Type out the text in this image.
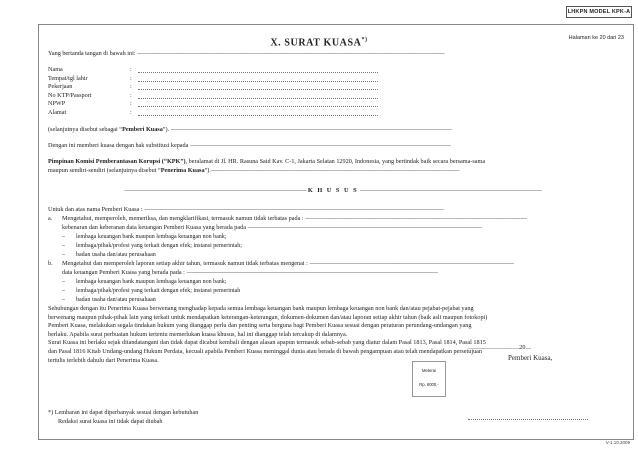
LHKPN MODEL KPK-A
X. SURAT KUASA*)	Halaman ke 20 dari 23
Yang bertanda tangan di bawah ini: -----------------------------------------------------------------------------------------------------------------------------------------------------------------------------------------------------
Nama	:
Tempat/tgl lahir	:
Pekerjaan	:
No KTP/Passport	:
NPWP	:
Alamat	:
(selanjutnya disebut sebagai “Pemberi Kuasa”). ------------------------------------------------------------------------------------------------------------------------------------------------------------------------------------
Dengan ini memberi kuasa dengan hak substitusi kepada -----------------------------------------------------------------------------------------------------------------------------------------------------------------------
Pimpinan Komisi Pemberantasan Korupsi (“KPK”), beralamat di Jl. HR. Rasuna Said Kav. C-1, Jakarta Selatan 12920, Indonesia, yang bertindak baik secara bersama-sama
maupun sendiri-sendiri (selanjutnya disebut “Penerima Kuasa”).---------------------------------------------------------------------------------------------------------------------------------------------------------------
------------------------------------------------------------------------------------------------------------------ K H U S U S ------------------------------------------------------------------------------------------------------------------
Untuk dan atas nama Pemberi Kuasa : ------------------------------------------------------------------------------------------------------------------------------------------------------------------------------------------------
a. Mengetahui, memperoleh, memeriksa, dan mengklarifikasi, termasuk namun tidak terbatas pada : ----------------------------------------------------------------------------------------------------------------------------------------------
kebenaran dan keberanan data keuangan Pemberi Kuasa yang berada pada ------------------------------------------------------------------------------------------------------------------------------------------------------
– lembaga keuangan bank maupun lembaga keuangan non bank;
– lembaga/pihak/profesi yang terkait dengan efek; instansi pemerintah;
– badan usaha dan/atau perusahaan
b. Mengetahui dan memperoleh laporan setiap akhir tahun, termasuk namun tidak terbatas mengenai : -----------------------------------------------------------------------------------------------------------------------------------
data keuangan Pemberi Kuasa yang berada pada : -----------------------------------------------------------------------------------------------------------------------------------------------------------------
– lembaga keuangan bank maupun lembaga keuangan non bank;
– lembaga/pihak/profesi yang terkait dengan efek; instansi pemerintah
– badan usaha dan/atau perusahaan
Sehubungan dengan itu Penerima Kuasa berwenang menghadap kepada semua lembaga keuangan bank maupun lembaga keuangan non bank dan/atau pejabat-pejabat yang
berwenang maupun pihak-pihak lain yang terkait untuk mendapatkan keterangan-keterangan, dokumen-dokumen dan/atau laporan setiap akhir tahun (baik asli maupun fotokopi)
Pemberi Kuasa, melakukan segala tindakan hukum yang dianggap perlu dan penting serta berguna bagi Pemberi Kuasa sesuai dengan peraturan perundang-undangan yang
berlaku. Apabila surat perbuatan hukum tertentu memerlukan kuasa khusus, hal ini dianggap telah tercakup di dalamnya.
Surat Kuasa ini berlaku sejak ditandatangani dan tidak dapat dicabut kembali dengan alasan apapun termasuk sebab-sebab yang diatur dalam Pasal 1813, Pasal 1814, Pasal 1815
dan Pasal 1816 Kitab Undang-undang Hukum Perdata, kecuali apabila Pemberi Kuasa meninggal dunia atau berada di bawah pengampuan atau telah mendapatkan persetujuan
tertulis terlebih dahulu dari Penerima Kuasa.
.................................................20.....
Pemberi Kuasa,
Meterai
Rp. 6000,-
*) Lembaran ini dapat diperbanyak sesuai dengan kebutuhan
Redaksi surat kuasa ini tidak dapat diubah
V-1.10.2009
